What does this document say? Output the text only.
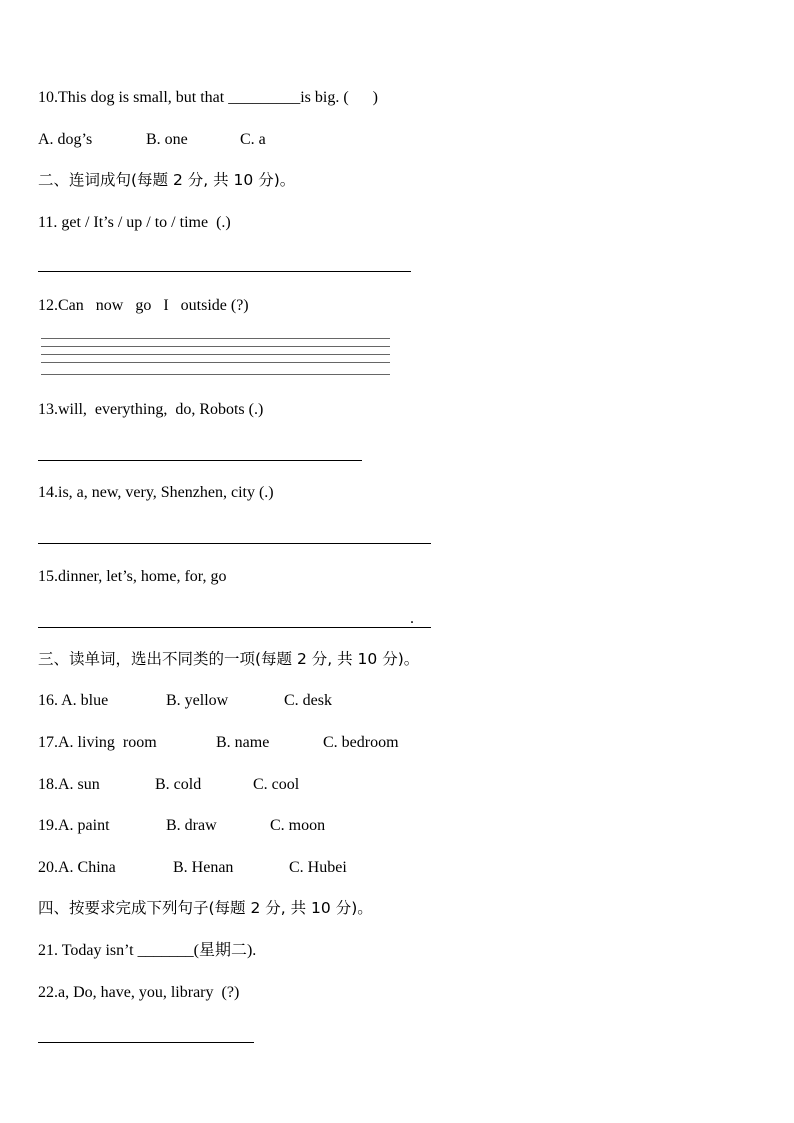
10.This dog is small, but that _________is big. (      )
A. dog’s	B. one	C. a
二、连词成句(每题 2 分, 共 10 分)。
11. get / It’s / up / to / time  (.)
12.Can   now   go   I   outside (?)
13.will,  everything,  do, Robots (.)
14.is, a, new, very, Shenzhen, city (.)
15.dinner, let’s, home, for, go
.
三、读单词，选出不同类的一项(每题 2 分, 共 10 分)。
16. A. blue	B. yellow	C. desk
17.A. living  room	B. name	C. bedroom
18.A. sun	B. cold	C. cool
19.A. paint	B. draw	C. moon
20.A. China	B. Henan	C. Hubei
四、按要求完成下列句子(每题 2 分, 共 10 分)。
21. Today isn’t _______(星期二).
22.a, Do, have, you, library  (?)
